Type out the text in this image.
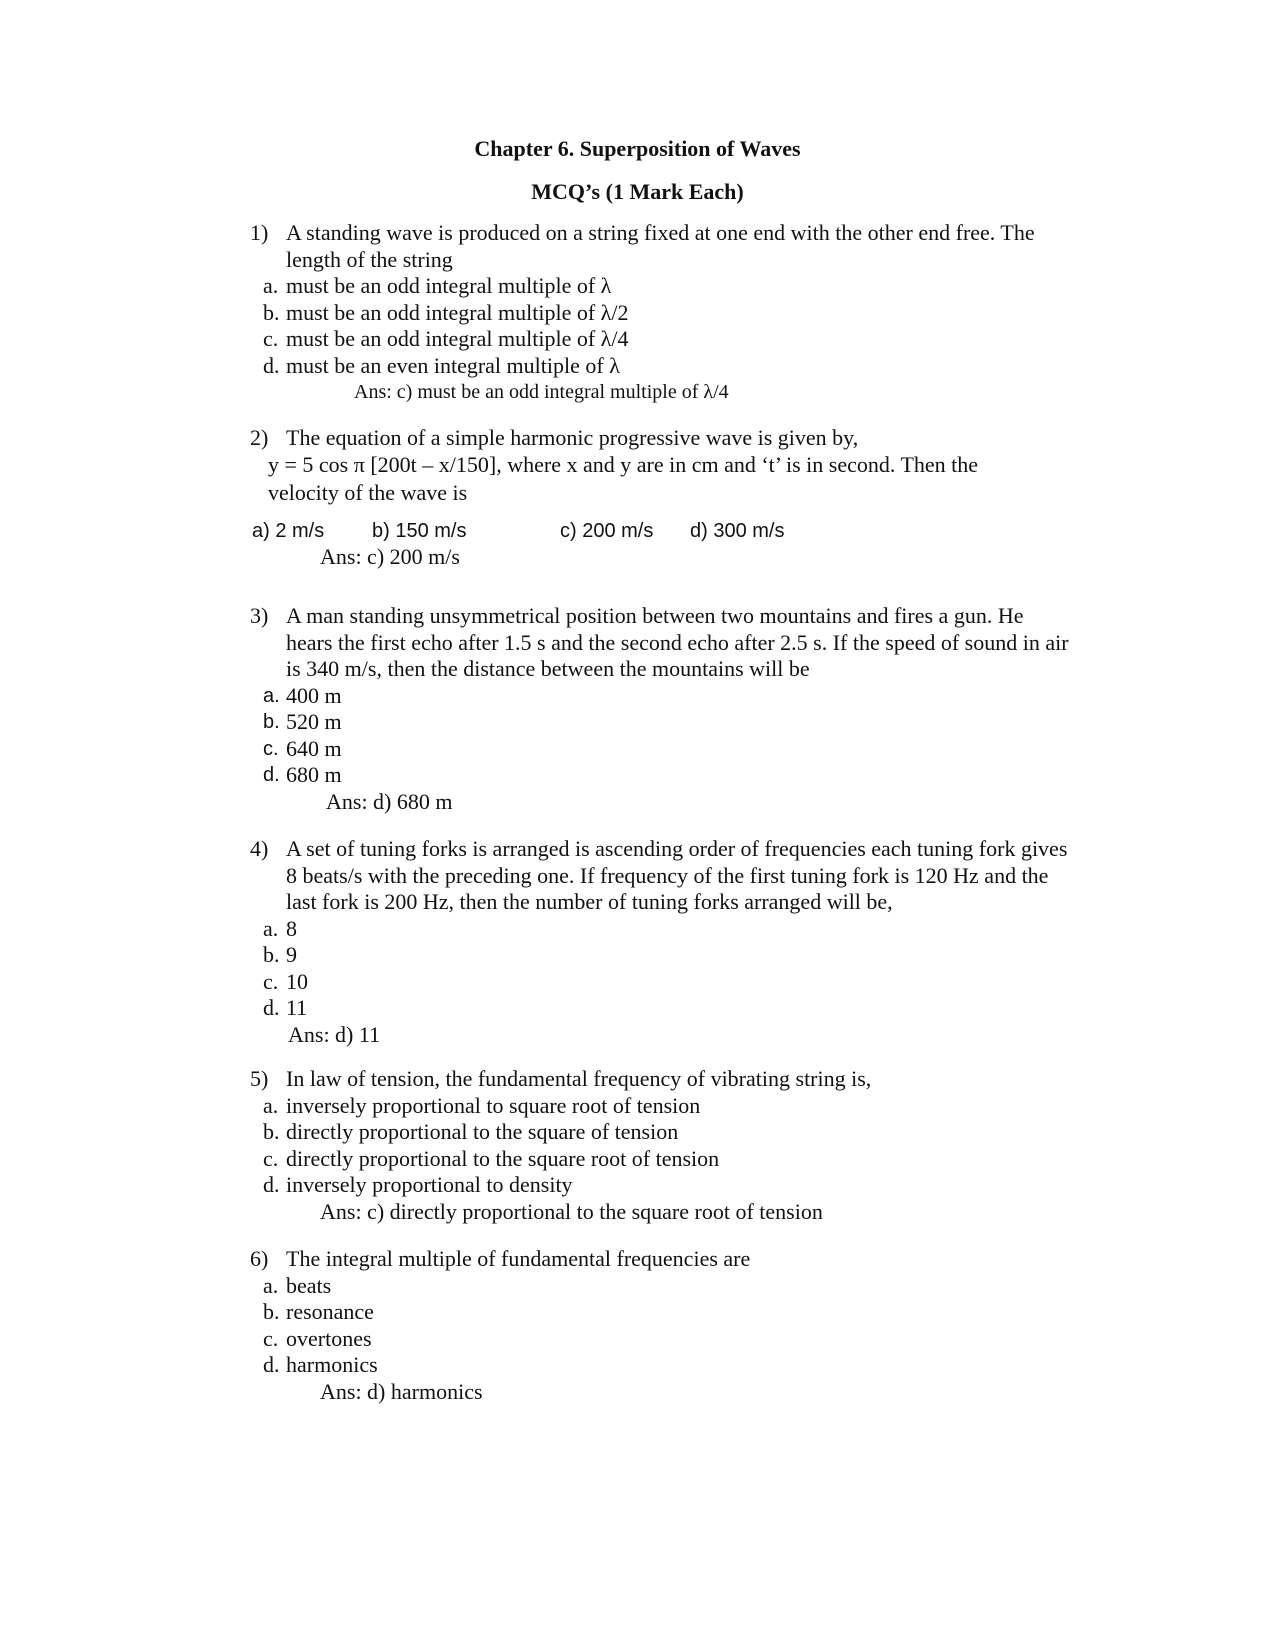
Chapter 6. Superposition of Waves
MCQ’s (1 Mark Each)
1) A standing wave is produced on a string fixed at one end with the other end free. The length of the string
a. must be an odd integral multiple of λ
b. must be an odd integral multiple of λ/2
c. must be an odd integral multiple of λ/4
d. must be an even integral multiple of λ
Ans: c) must be an odd integral multiple of λ/4
2) The equation of a simple harmonic progressive wave is given by,
y = 5 cos π [200t – x/150], where x and y are in cm and ‘t’ is in second. Then the
velocity of the wave is
a) 2 m/s b) 150 m/s	c) 200 m/s d) 300 m/s
Ans: c) 200 m/s
3) A man standing unsymmetrical position between two mountains and fires a gun. He hears the first echo after 1.5 s and the second echo after 2.5 s. If the speed of sound in air is 340 m/s, then the distance between the mountains will be
a. 400 m
b. 520 m
c. 640 m
d. 680 m
Ans: d) 680 m
4) A set of tuning forks is arranged is ascending order of frequencies each tuning fork gives 8 beats/s with the preceding one. If frequency of the first tuning fork is 120 Hz and the last fork is 200 Hz, then the number of tuning forks arranged will be,
a. 8
b. 9
c. 10
d. 11
Ans: d) 11
5) In law of tension, the fundamental frequency of vibrating string is,
a. inversely proportional to square root of tension
b. directly proportional to the square of tension
c. directly proportional to the square root of tension
d. inversely proportional to density
Ans: c) directly proportional to the square root of tension
6) The integral multiple of fundamental frequencies are
a. beats
b. resonance
c. overtones
d. harmonics
Ans: d) harmonics
